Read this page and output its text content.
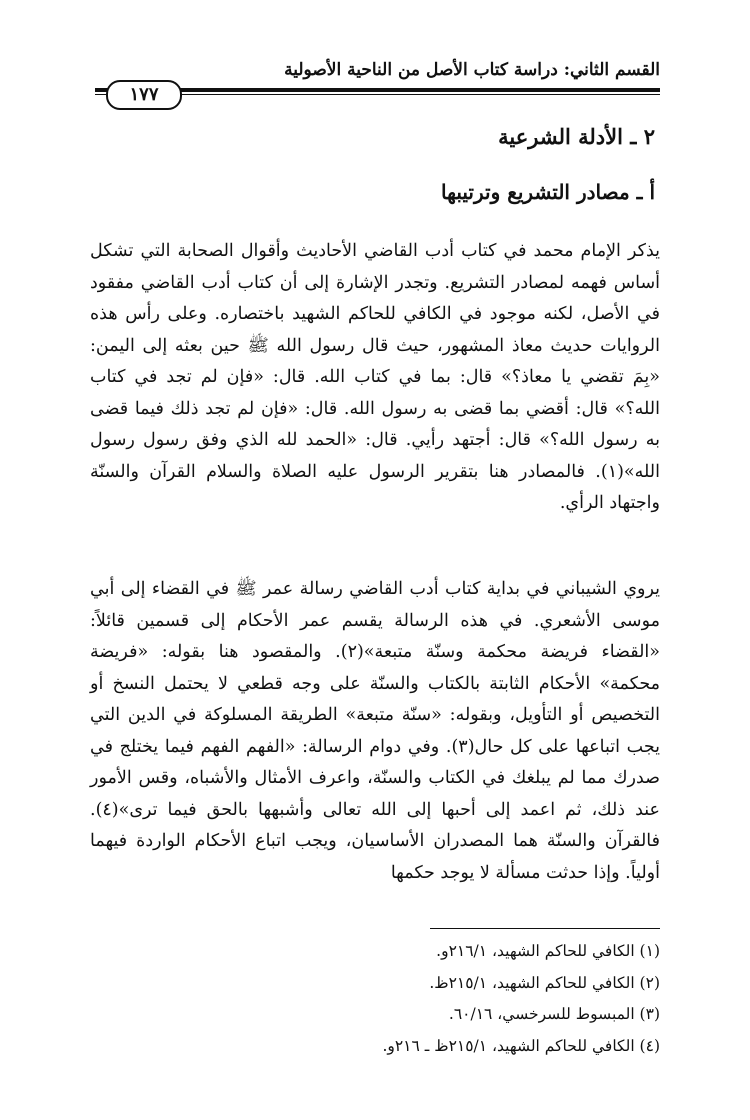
القسم الثاني: دراسة كتاب الأصل من الناحية الأصولية
١٧٧
٢ ـ الأدلة الشرعية
أ ـ مصادر التشريع وترتيبها

يذكر الإمام محمد في كتاب أدب القاضي الأحاديث وأقوال الصحابة التي تشكل أساس فهمه لمصادر التشريع. وتجدر الإشارة إلى أن كتاب أدب القاضي مفقود في الأصل، لكنه موجود في الكافي للحاكم الشهيد باختصاره. وعلى رأس هذه الروايات حديث معاذ المشهور، حيث قال رسول الله ﷺ حين بعثه إلى اليمن: «بِمَ تقضي يا معاذ؟» قال: بما في كتاب الله. قال: «فإن لم تجد في كتاب الله؟» قال: أقضي بما قضى به رسول الله. قال: «فإن لم تجد ذلك فيما قضى به رسول الله؟» قال: أجتهد رأيي. قال: «الحمد لله الذي وفق رسول رسول الله»(١). فالمصادر هنا بتقرير الرسول عليه الصلاة والسلام القرآن والسنّة واجتهاد الرأي.

يروي الشيباني في بداية كتاب أدب القاضي رسالة عمر ﷺ في القضاء إلى أبي موسى الأشعري. في هذه الرسالة يقسم عمر الأحكام إلى قسمين قائلاً: «القضاء فريضة محكمة وسنّة متبعة»(٢). والمقصود هنا بقوله: «فريضة محكمة» الأحكام الثابتة بالكتاب والسنّة على وجه قطعي لا يحتمل النسخ أو التخصيص أو التأويل، وبقوله: «سنّة متبعة» الطريقة المسلوكة في الدين التي يجب اتباعها على كل حال(٣). وفي دوام الرسالة: «الفهم الفهم فيما يختلج في صدرك مما لم يبلغك في الكتاب والسنّة، واعرف الأمثال والأشباه، وقس الأمور عند ذلك، ثم اعمد إلى أحبها إلى الله تعالى وأشبهها بالحق فيما ترى»(٤). فالقرآن والسنّة هما المصدران الأساسيان، ويجب اتباع الأحكام الواردة فيهما أولياً. وإذا حدثت مسألة لا يوجد حكمها

(١) الكافي للحاكم الشهيد، ٢١٦/١و.
(٢) الكافي للحاكم الشهيد، ٢١٥/١ظ.
(٣) المبسوط للسرخسي، ٦٠/١٦.
(٤) الكافي للحاكم الشهيد، ٢١٥/١ظ ـ ٢١٦و.
